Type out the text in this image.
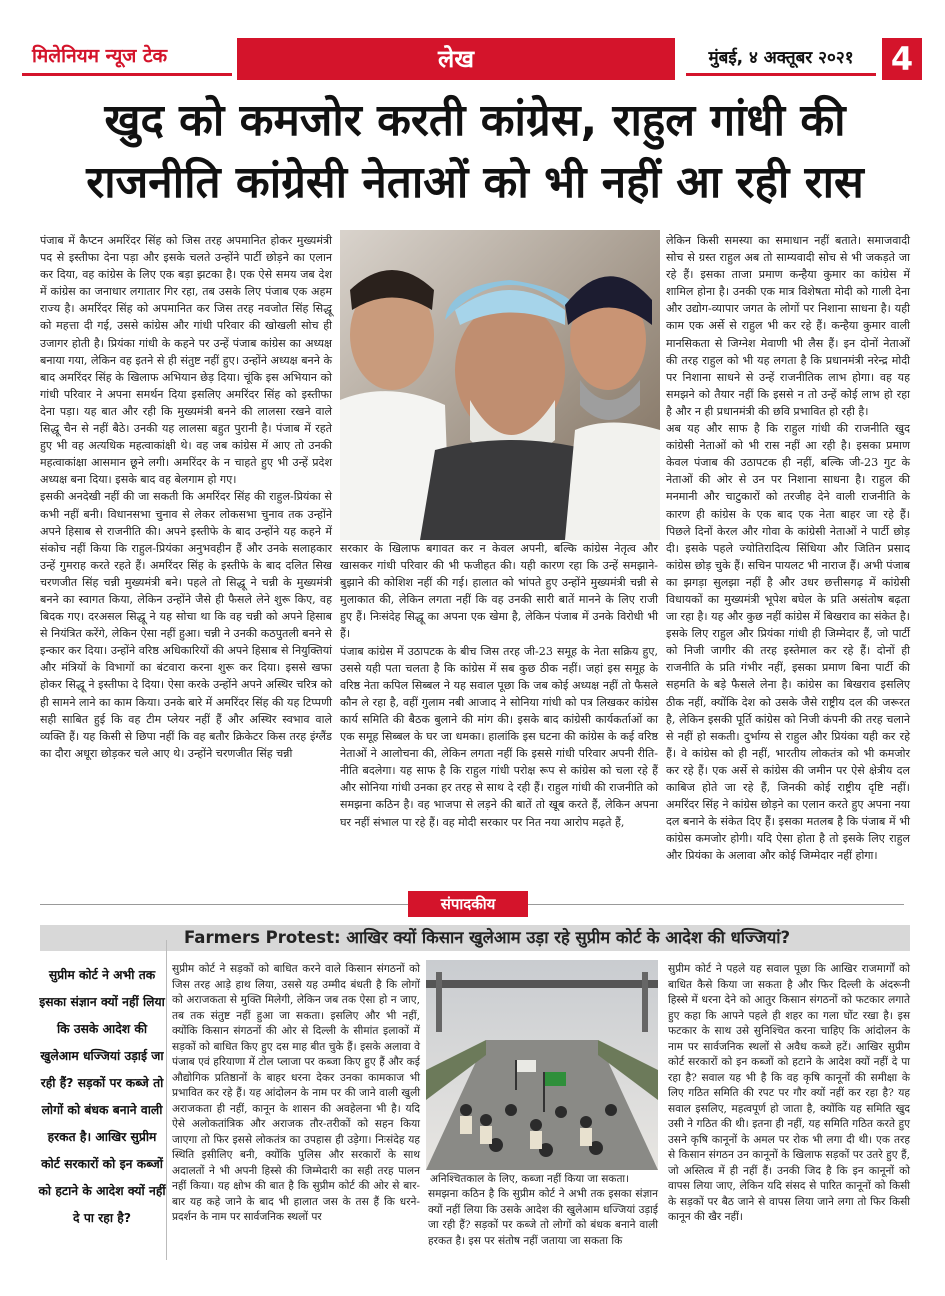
मिलेनियम न्यूज टेक	लेख	मुंबई, ४ अक्तूबर २०२१	4
खुद को कमजोर करती कांग्रेस, राहुल गांधी की
राजनीति कांग्रेसी नेताओं को भी नहीं आ रही रास

पंजाब में कैप्टन अमरिंदर सिंह को जिस तरह अपमानित होकर मुख्यमंत्री पद से इस्तीफा देना पड़ा और इसके चलते उन्होंने पार्टी छोड़ने का एलान कर दिया, वह कांग्रेस के लिए एक बड़ा झटका है। एक ऐसे समय जब देश में कांग्रेस का जनाधार लगातार गिर रहा, तब उसके लिए पंजाब एक अहम राज्य है। अमरिंदर सिंह को अपमानित कर जिस तरह नवजोत सिंह सिद्धू को महत्ता दी गई, उससे कांग्रेस और गांधी परिवार की खोखली सोच ही उजागर होती है। प्रियंका गांधी के कहने पर उन्हें पंजाब कांग्रेस का अध्यक्ष बनाया गया, लेकिन वह इतने से ही संतुष्ट नहीं हुए। उन्होंने अध्यक्ष बनने के बाद अमरिंदर सिंह के खिलाफ अभियान छेड़ दिया। चूंकि इस अभियान को गांधी परिवार ने अपना समर्थन दिया इसलिए अमरिंदर सिंह को इस्तीफा देना पड़ा। यह बात और रही कि मुख्यमंत्री बनने की लालसा रखने वाले सिद्धू चैन से नहीं बैठे। उनकी यह लालसा बहुत पुरानी है। पंजाब में रहते हुए भी वह अत्यधिक महत्वाकांक्षी थे। वह जब कांग्रेस में आए तो उनकी महत्वाकांक्षा आसमान छूने लगी। अमरिंदर के न चाहते हुए भी उन्हें प्रदेश अध्यक्ष बना दिया। इसके बाद वह बेलगाम हो गए।

इसकी अनदेखी नहीं की जा सकती कि अमरिंदर सिंह की राहुल-प्रियंका से कभी नहीं बनी। विधानसभा चुनाव से लेकर लोकसभा चुनाव तक उन्होंने अपने हिसाब से राजनीति की। अपने इस्तीफे के बाद उन्होंने यह कहने में संकोच नहीं किया कि राहुल-प्रियंका अनुभवहीन हैं और उनके सलाहकार उन्हें गुमराह करते रहते हैं। अमरिंदर सिंह के इस्तीफे के बाद दलित सिख चरणजीत सिंह चन्नी मुख्यमंत्री बने। पहले तो सिद्धू ने चन्नी के मुख्यमंत्री बनने का स्वागत किया, लेकिन उन्होंने जैसे ही फैसले लेने शुरू किए, वह बिदक गए। दरअसल सिद्धू ने यह सोचा था कि वह चन्नी को अपने हिसाब से नियंत्रित करेंगे, लेकिन ऐसा नहीं हुआ। चन्नी ने उनकी कठपुतली बनने से इन्कार कर दिया। उन्होंने वरिष्ठ अधिकारियों की अपने हिसाब से नियुक्तियां और मंत्रियों के विभागों का बंटवारा करना शुरू कर दिया। इससे खफा होकर सिद्धू ने इस्तीफा दे दिया। ऐसा करके उन्होंने अपने अस्थिर चरित्र को ही सामने लाने का काम किया। उनके बारे में अमरिंदर सिंह की यह टिप्पणी सही साबित हुई कि वह टीम प्लेयर नहीं हैं और अस्थिर स्वभाव वाले व्यक्ति हैं। यह किसी से छिपा नहीं कि वह बतौर क्रिकेटर किस तरह इंग्लैंड का दौरा अधूरा छोड़कर चले आए थे। उन्होंने चरणजीत सिंह चन्नी

सरकार के खिलाफ बगावत कर न केवल अपनी, बल्कि कांग्रेस नेतृत्व और खासकर गांधी परिवार की भी फजीहत की। यही कारण रहा कि उन्हें समझाने-बुझाने की कोशिश नहीं की गई। हालात को भांपते हुए उन्होंने मुख्यमंत्री चन्नी से मुलाकात की, लेकिन लगता नहीं कि वह उनकी सारी बातें मानने के लिए राजी हुए हैं। निःसंदेह सिद्धू का अपना एक खेमा है, लेकिन पंजाब में उनके विरोधी भी हैं।

पंजाब कांग्रेस में उठापटक के बीच जिस तरह जी-23 समूह के नेता सक्रिय हुए, उससे यही पता चलता है कि कांग्रेस में सब कुछ ठीक नहीं। जहां इस समूह के वरिष्ठ नेता कपिल सिब्बल ने यह सवाल पूछा कि जब कोई अध्यक्ष नहीं तो फैसले कौन ले रहा है, वहीं गुलाम नबी आजाद ने सोनिया गांधी को पत्र लिखकर कांग्रेस कार्य समिति की बैठक बुलाने की मांग की। इसके बाद कांग्रेसी कार्यकर्ताओं का एक समूह सिब्बल के घर जा धमका। हालांकि इस घटना की कांग्रेस के कई वरिष्ठ नेताओं ने आलोचना की, लेकिन लगता नहीं कि इससे गांधी परिवार अपनी रीति-नीति बदलेगा। यह साफ है कि राहुल गांधी परोक्ष रूप से कांग्रेस को चला रहे हैं और सोनिया गांधी उनका हर तरह से साथ दे रही हैं। राहुल गांधी की राजनीति को समझना कठिन है। वह भाजपा से लड़ने की बातें तो खूब करते हैं, लेकिन अपना घर नहीं संभाल पा रहे हैं। वह मोदी सरकार पर नित नया आरोप मढ़ते हैं,

लेकिन किसी समस्या का समाधान नहीं बताते। समाजवादी सोच से ग्रस्त राहुल अब तो साम्यवादी सोच से भी जकड़ते जा रहे हैं। इसका ताजा प्रमाण कन्हैया कुमार का कांग्रेस में शामिल होना है। उनकी एक मात्र विशेषता मोदी को गाली देना और उद्योग-व्यापार जगत के लोगों पर निशाना साधना है। यही काम एक अर्से से राहुल भी कर रहे हैं। कन्हैया कुमार वाली मानसिकता से जिग्नेश मेवाणी भी लैस हैं। इन दोनों नेताओं की तरह राहुल को भी यह लगता है कि प्रधानमंत्री नरेन्द्र मोदी पर निशाना साधने से उन्हें राजनीतिक लाभ होगा। वह यह समझने को तैयार नहीं कि इससे न तो उन्हें कोई लाभ हो रहा है और न ही प्रधानमंत्री की छवि प्रभावित हो रही है।

अब यह और साफ है कि राहुल गांधी की राजनीति खुद कांग्रेसी नेताओं को भी रास नहीं आ रही है। इसका प्रमाण केवल पंजाब की उठापटक ही नहीं, बल्कि जी-23 गुट के नेताओं की ओर से उन पर निशाना साधना है। राहुल की मनमानी और चाटुकारों को तरजीह देने वाली राजनीति के कारण ही कांग्रेस के एक बाद एक नेता बाहर जा रहे हैं। पिछले दिनों केरल और गोवा के कांग्रेसी नेताओं ने पार्टी छोड़ दी। इसके पहले ज्योतिरादित्य सिंधिया और जितिन प्रसाद कांग्रेस छोड़ चुके हैं। सचिन पायलट भी नाराज हैं। अभी पंजाब का झगड़ा सुलझा नहीं है और उधर छत्तीसगढ़ में कांग्रेसी विधायकों का मुख्यमंत्री भूपेश बघेल के प्रति असंतोष बढ़ता जा रहा है। यह और कुछ नहीं कांग्रेस में बिखराव का संकेत है। इसके लिए राहुल और प्रियंका गांधी ही जिम्मेदार हैं, जो पार्टी को निजी जागीर की तरह इस्तेमाल कर रहे हैं। दोनों ही राजनीति के प्रति गंभीर नहीं, इसका प्रमाण बिना पार्टी की सहमति के बड़े फैसले लेना है। कांग्रेस का बिखराव इसलिए ठीक नहीं, क्योंकि देश को उसके जैसे राष्ट्रीय दल की जरूरत है, लेकिन इसकी पूर्ति कांग्रेस को निजी कंपनी की तरह चलाने से नहीं हो सकती। दुर्भाग्य से राहुल और प्रियंका यही कर रहे हैं। वे कांग्रेस को ही नहीं, भारतीय लोकतंत्र को भी कमजोर कर रहे हैं। एक अर्से से कांग्रेस की जमीन पर ऐसे क्षेत्रीय दल काबिज होते जा रहे हैं, जिनकी कोई राष्ट्रीय दृष्टि नहीं। अमरिंदर सिंह ने कांग्रेस छोड़ने का एलान करते हुए अपना नया दल बनाने के संकेत दिए हैं। इसका मतलब है कि पंजाब में भी कांग्रेस कमजोर होगी। यदि ऐसा होता है तो इसके लिए राहुल और प्रियंका के अलावा और कोई जिम्मेदार नहीं होगा।

संपादकीय
Farmers Protest: आखिर क्यों किसान खुलेआम उड़ा रहे सुप्रीम कोर्ट के आदेश की धज्जियां?
सुप्रीम कोर्ट ने अभी तक इसका संज्ञान क्यों नहीं लिया कि उसके आदेश की खुलेआम धज्जियां उड़ाई जा रही हैं? सड़कों पर कब्जे तो लोगों को बंधक बनाने वाली हरकत है। आखिर सुप्रीम कोर्ट सरकारों को इन कब्जों को हटाने के आदेश क्यों नहीं दे पा रहा है?

सुप्रीम कोर्ट ने सड़कों को बाधित करने वाले किसान संगठनों को जिस तरह आड़े हाथ लिया, उससे यह उम्मीद बंधती है कि लोगों को अराजकता से मुक्ति मिलेगी, लेकिन जब तक ऐसा हो न जाए, तब तक संतुष्ट नहीं हुआ जा सकता। इसलिए और भी नहीं, क्योंकि किसान संगठनों की ओर से दिल्ली के सीमांत इलाकों में सड़कों को बाधित किए हुए दस माह बीत चुके हैं। इसके अलावा वे पंजाब एवं हरियाणा में टोल प्लाजा पर कब्जा किए हुए हैं और कई औद्योगिक प्रतिष्ठानों के बाहर धरना देकर उनका कामकाज भी प्रभावित कर रहे हैं। यह आंदोलन के नाम पर की जाने वाली खुली अराजकता ही नहीं, कानून के शासन की अवहेलना भी है। यदि ऐसे अलोकतांत्रिक और अराजक तौर-तरीकों को सहन किया जाएगा तो फिर इससे लोकतंत्र का उपहास ही उड़ेगा। निःसंदेह यह स्थिति इसीलिए बनी, क्योंकि पुलिस और सरकारों के साथ अदालतों ने भी अपनी हिस्से की जिम्मेदारी का सही तरह पालन नहीं किया। यह क्षोभ की बात है कि सुप्रीम कोर्ट की ओर से बार-बार यह कहे जाने के बाद भी हालात जस के तस हैं कि धरने-प्रदर्शन के नाम पर सार्वजनिक स्थलों पर

अनिश्चितकाल के लिए, कब्जा नहीं किया जा सकता।

समझना कठिन है कि सुप्रीम कोर्ट ने अभी तक इसका संज्ञान क्यों नहीं लिया कि उसके आदेश की खुलेआम धज्जियां उड़ाई जा रही हैं? सड़कों पर कब्जे तो लोगों को बंधक बनाने वाली हरकत है। इस पर संतोष नहीं जताया जा सकता कि

सुप्रीम कोर्ट ने पहले यह सवाल पूछा कि आखिर राजमार्गों को बाधित कैसे किया जा सकता है और फिर दिल्ली के अंदरूनी हिस्से में धरना देने को आतुर किसान संगठनों को फटकार लगाते हुए कहा कि आपने पहले ही शहर का गला घोंट रखा है। इस फटकार के साथ उसे सुनिश्चित करना चाहिए कि आंदोलन के नाम पर सार्वजनिक स्थलों से अवैध कब्जे हटें। आखिर सुप्रीम कोर्ट सरकारों को इन कब्जों को हटाने के आदेश क्यों नहीं दे पा रहा है? सवाल यह भी है कि वह कृषि कानूनों की समीक्षा के लिए गठित समिति की रपट पर गौर क्यों नहीं कर रहा है? यह सवाल इसलिए, महत्वपूर्ण हो जाता है, क्योंकि यह समिति खुद उसी ने गठित की थी। इतना ही नहीं, यह समिति गठित करते हुए उसने कृषि कानूनों के अमल पर रोक भी लगा दी थी। एक तरह से किसान संगठन उन कानूनों के खिलाफ सड़कों पर उतरे हुए हैं, जो अस्तित्व में ही नहीं हैं। उनकी जिद है कि इन कानूनों को वापस लिया जाए, लेकिन यदि संसद से पारित कानूनों को किसी के सड़कों पर बैठ जाने से वापस लिया जाने लगा तो फिर किसी कानून की खैर नहीं।
